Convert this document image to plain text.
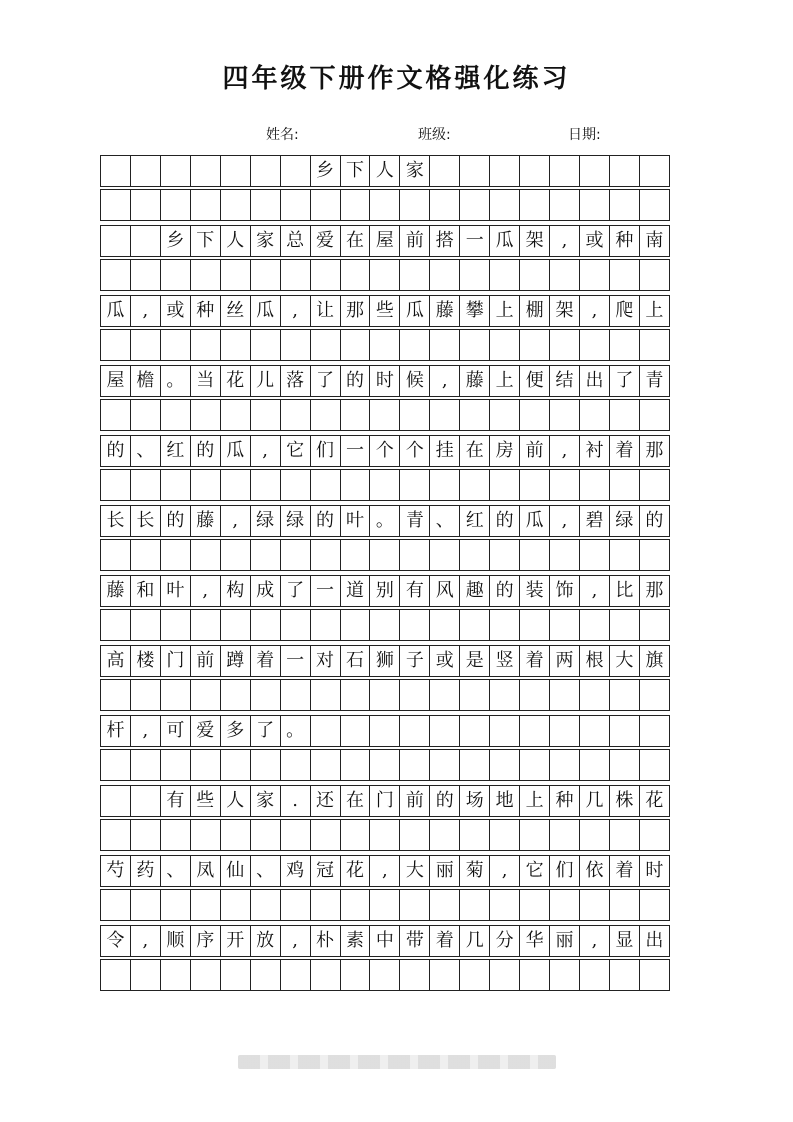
四年级下册作文格强化练习
姓名:	班级:	日期:
乡 下 人 家
乡 下 人 家 总 爱 在 屋 前 搭 一 瓜 架	,	或 种 南
瓜	,	或 种 丝 瓜	,	让 那 些 瓜 藤 攀 上 棚 架	,	爬 上
屋 檐 。 当 花 儿 落 了 的 时 候	,	藤 上 便 结 出 了 青
的 、 红 的 瓜	,	它 们 一 个 个 挂 在 房 前	,	衬 着 那
长 长 的 藤	,	绿 绿 的 叶 。 青 、 红 的 瓜	,	碧 绿 的
藤 和 叶	,	构 成 了 一 道 别 有 风 趣 的 装 饰	,	比 那
高 楼 门 前 蹲 着 一 对 石 狮 子 或 是 竖 着 两 根 大 旗
杆	,	可 爱 多 了 。
有 些 人 家	.	还 在 门 前 的 场 地 上 种 几 株 花
芍 药 、 凤 仙 、 鸡 冠 花	,	大 丽 菊	,	它 们 依 着 时
令	,	顺 序 开 放	,	朴 素 中 带 着 几 分 华 丽	,	显 出
